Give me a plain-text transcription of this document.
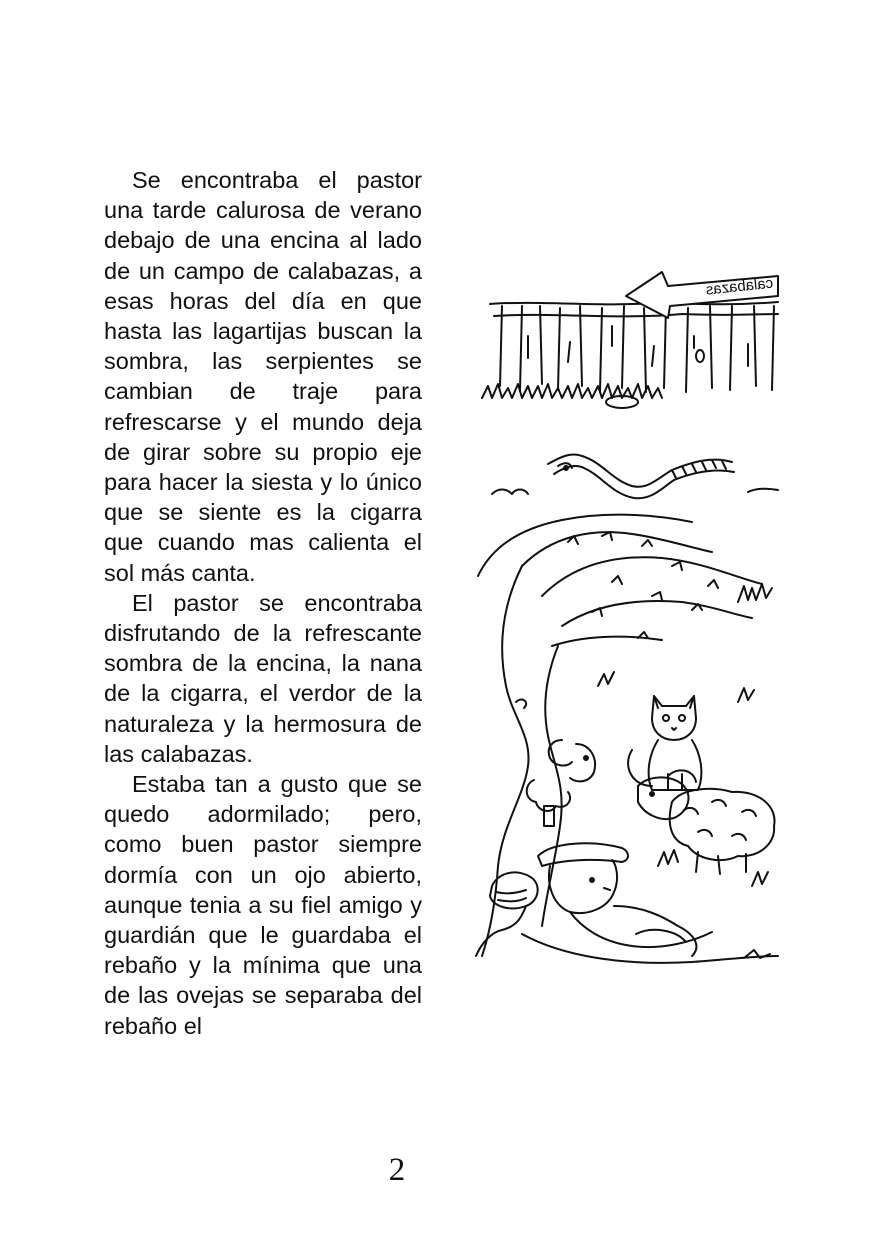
Se encontraba el pastor una tarde calurosa de verano debajo de una encina al lado de un campo de calabazas, a esas horas del día en que hasta las lagartijas buscan la sombra, las serpientes se cambian de traje para refrescarse y el mundo deja de girar sobre su propio eje para hacer la siesta y lo único que se siente es la cigarra que cuando mas calienta el sol más canta.

El pastor se encontraba disfrutando de la refrescante sombra de la encina, la nana de la cigarra, el verdor de la naturaleza y la hermosura de las calabazas.

Estaba tan a gusto que se quedo adormilado; pero, como buen pastor siempre dormía con un ojo abierto, aunque tenia a su fiel amigo y guardián que le guardaba el rebaño y la mínima que una de las ovejas se separaba del rebaño el

calabazas
2
